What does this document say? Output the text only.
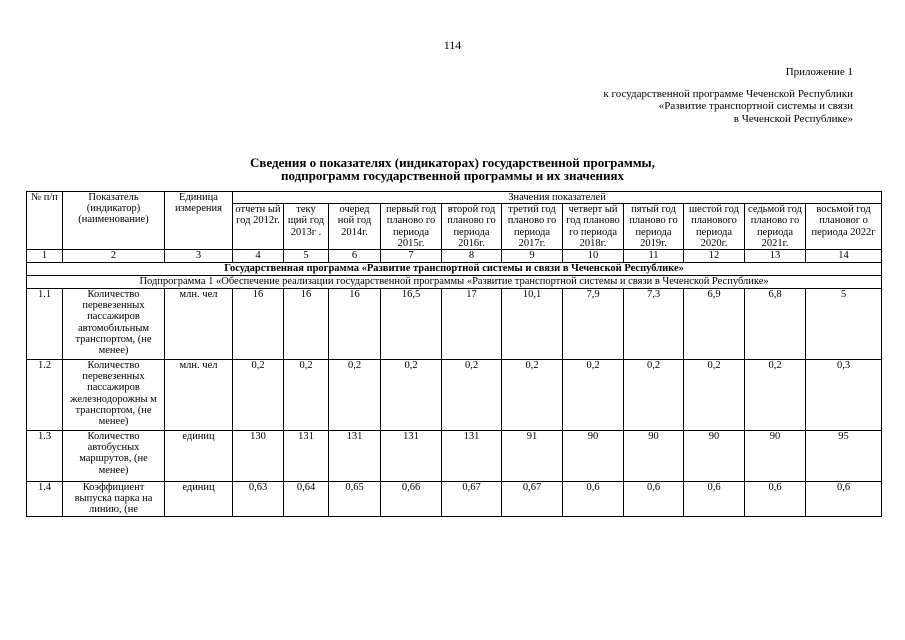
114
Приложение 1
к государственной программе Чеченской Республики
«Развитие транспортной системы и связи
в Чеченской Республике»
Сведения о показателях (индикаторах) государственной программы,
подпрограмм государственной программы и их значениях
№ п/п	Показатель (индикатор) (наименование)	Единица измерения	Значения показателей										
			отчетн ый год 2012г.	теку щий год 2013г .	очеред ной год 2014г.	первый год планово го периода 2015г.	второй год планово го периода 2016г.	третий год планово го периода 2017г.	четверт ый год планово го периода 2018г.	пятый год планово го периода 2019г.	шестой год планового периода 2020г.	седьмой год планово го периода 2021г.	восьмой год плановог о периода 2022г
1	2	3	4	5	6	7	8	9	10	11	12	13	14
Государственная программа «Развитие транспортной системы и связи в Чеченской Республике»													
Подпрограмма 1 «Обеспечение реализации государственной программы «Развитие транспортной системы и связи в Чеченской Республике»													
1.1	Количество перевезенных пассажиров автомобильным транспортом, (не менее)	млн. чел	16	16	16	16,5	17	10,1	7,9	7,3	6,9	6,8	5
1.2	Количество перевезенных пассажиров железнодорожны м транспортом, (не менее)	млн. чел	0,2	0,2	0,2	0,2	0,2	0,2	0,2	0,2	0,2	0,2	0,3
1.3	Количество автобусных маршрутов, (не менее)	единиц	130	131	131	131	131	91	90	90	90	90	95
1.4	Коэффициент выпуска парка на линию, (не	единиц	0,63	0,64	0,65	0,66	0,67	0,67	0,6	0,6	0,6	0,6	0,6
